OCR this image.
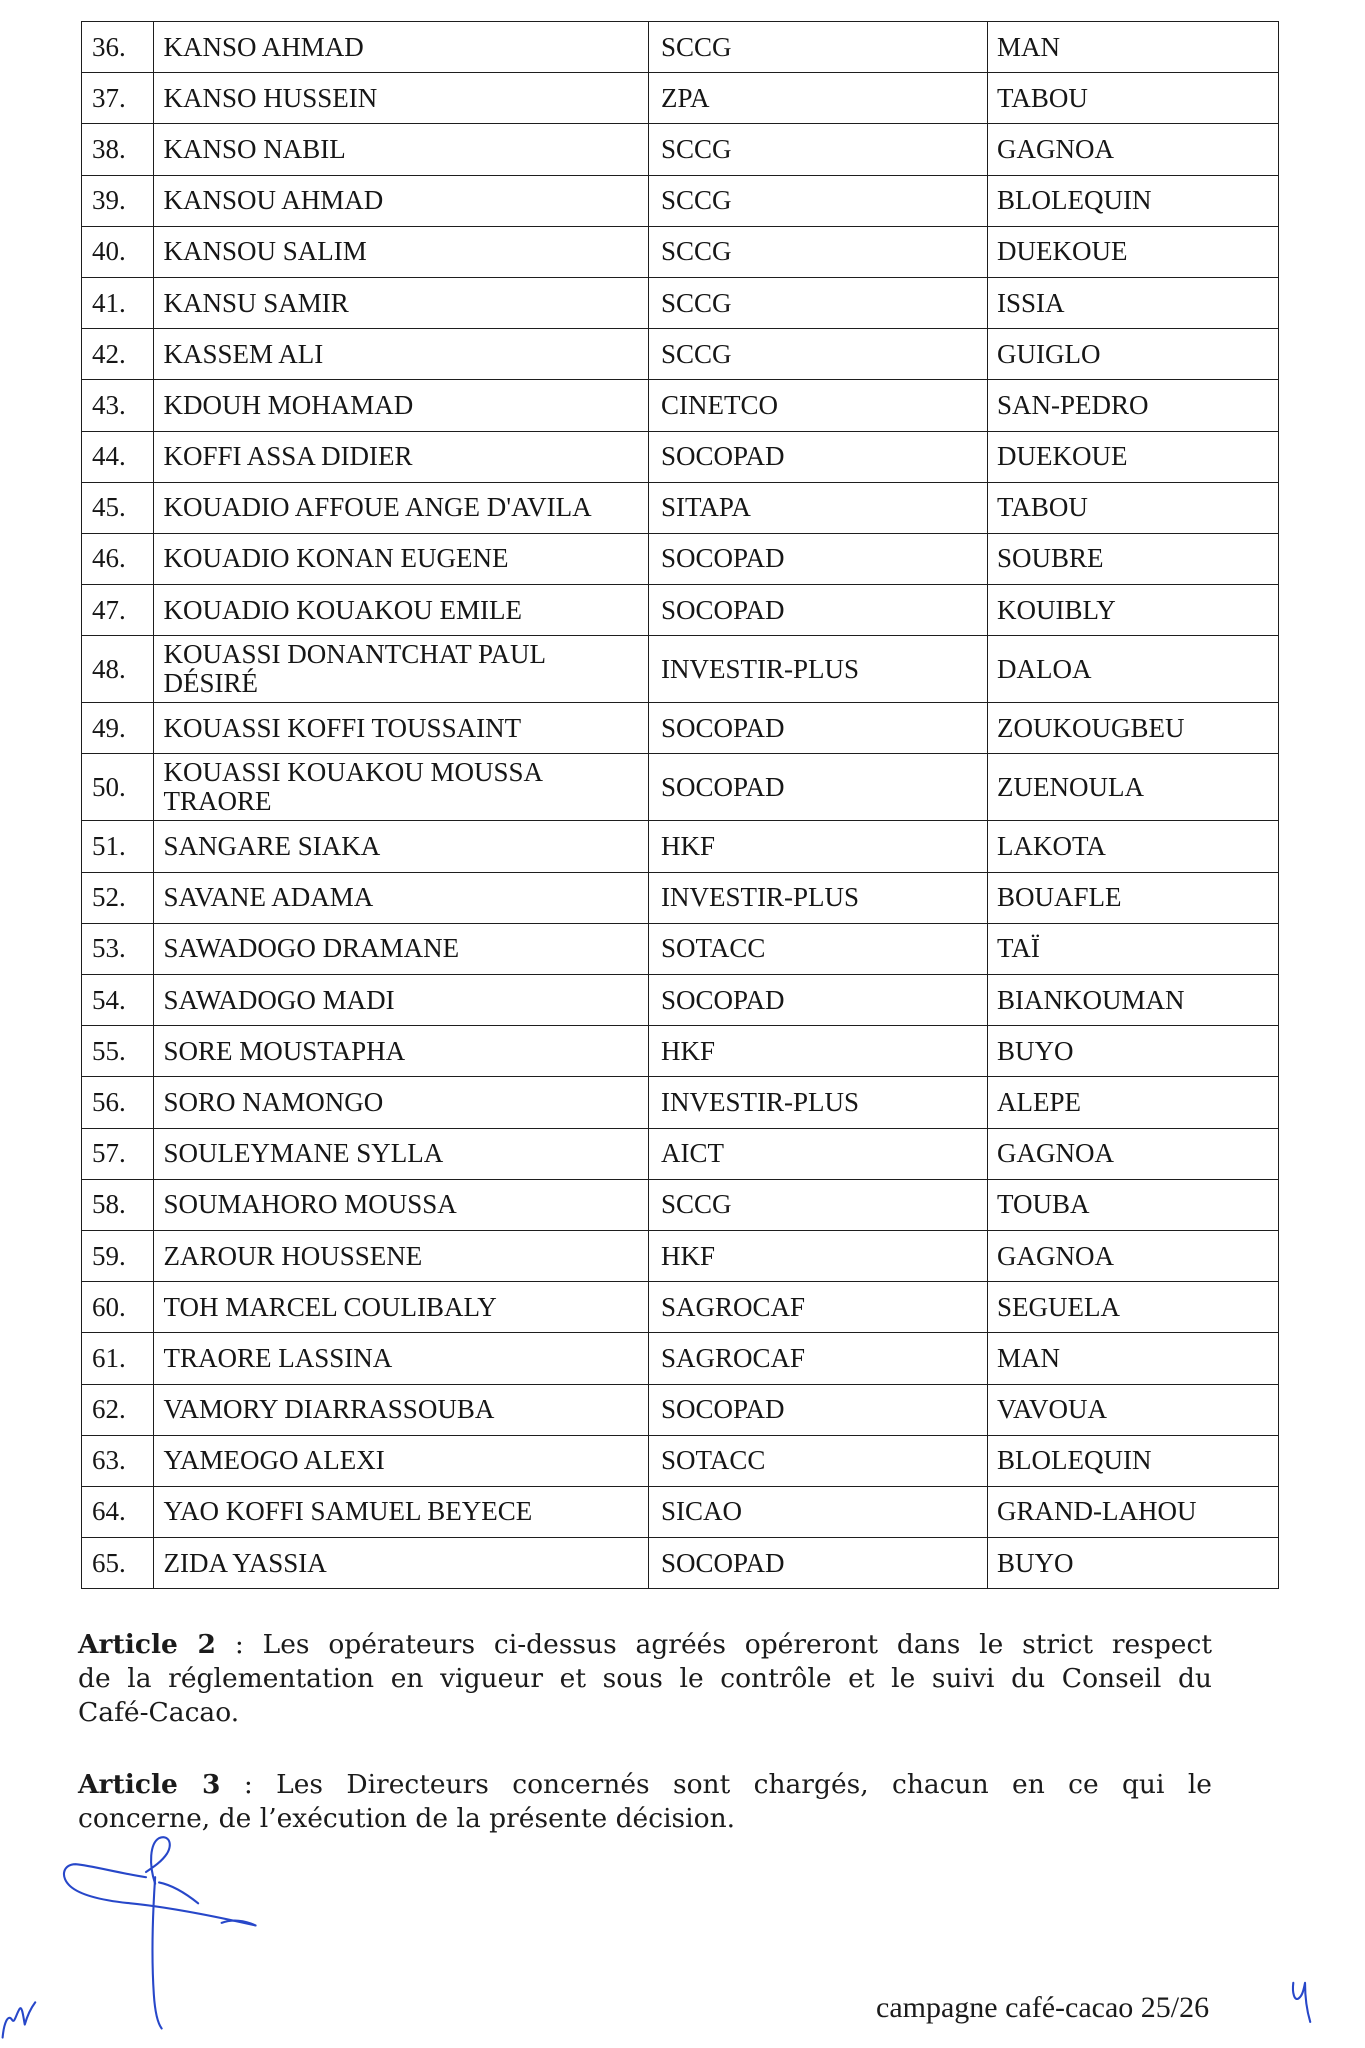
36.	KANSO AHMAD	SCCG	MAN
37.	KANSO HUSSEIN	ZPA	TABOU
38.	KANSO NABIL	SCCG	GAGNOA
39.	KANSOU AHMAD	SCCG	BLOLEQUIN
40.	KANSOU SALIM	SCCG	DUEKOUE
41.	KANSU SAMIR	SCCG	ISSIA
42.	KASSEM ALI	SCCG	GUIGLO
43.	KDOUH MOHAMAD	CINETCO	SAN-PEDRO
44.	KOFFI ASSA DIDIER	SOCOPAD	DUEKOUE
45.	KOUADIO AFFOUE ANGE D'AVILA	SITAPA	TABOU
46.	KOUADIO KONAN EUGENE	SOCOPAD	SOUBRE
47.	KOUADIO KOUAKOU EMILE	SOCOPAD	KOUIBLY
48.	KOUASSI DONANTCHAT PAUL DÉSIRÉ	INVESTIR-PLUS	DALOA
49.	KOUASSI KOFFI TOUSSAINT	SOCOPAD	ZOUKOUGBEU
50.	KOUASSI KOUAKOU MOUSSA TRAORE	SOCOPAD	ZUENOULA
51.	SANGARE SIAKA	HKF	LAKOTA
52.	SAVANE ADAMA	INVESTIR-PLUS	BOUAFLE
53.	SAWADOGO DRAMANE	SOTACC	TAÏ
54.	SAWADOGO MADI	SOCOPAD	BIANKOUMAN
55.	SORE MOUSTAPHA	HKF	BUYO
56.	SORO NAMONGO	INVESTIR-PLUS	ALEPE
57.	SOULEYMANE SYLLA	AICT	GAGNOA
58.	SOUMAHORO MOUSSA	SCCG	TOUBA
59.	ZAROUR HOUSSENE	HKF	GAGNOA
60.	TOH MARCEL COULIBALY	SAGROCAF	SEGUELA
61.	TRAORE LASSINA	SAGROCAF	MAN
62.	VAMORY DIARRASSOUBA	SOCOPAD	VAVOUA
63.	YAMEOGO ALEXI	SOTACC	BLOLEQUIN
64.	YAO KOFFI SAMUEL BEYECE	SICAO	GRAND-LAHOU
65.	ZIDA YASSIA	SOCOPAD	BUYO
Article 2 : Les opérateurs ci-dessus agréés opéreront dans le strict respect
de la réglementation en vigueur et sous le contrôle et le suivi du Conseil du
Café-Cacao.
Article 3 : Les Directeurs concernés sont chargés, chacun en ce qui le
concerne, de l’exécution de la présente décision.
campagne café-cacao 25/26
